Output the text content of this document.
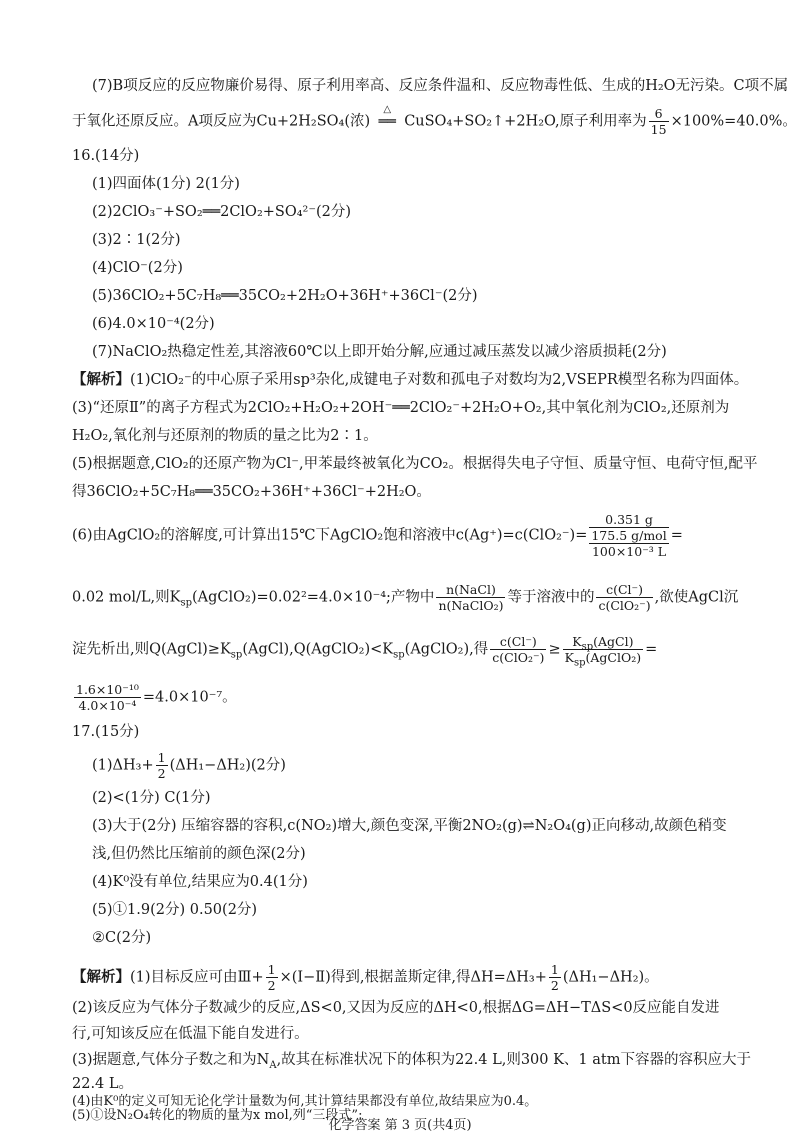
(7)B项反应的反应物廉价易得、原子利用率高、反应条件温和、反应物毒性低、生成的H₂O无污染。C项不属
于氧化还原反应。A项反应为Cu+2H₂SO₄(浓)
△
══ CuSO₄+SO₂↑+2H₂O,原子利用率为 $\frac{6}{15} \times 100\%=40.0\%$。
16.(14分)
(1)四面体(1分) 2(1分)
(2)2ClO₃⁻+SO₂══2ClO₂+SO₄²⁻(2分)
(3)2∶1(2分)
(4)ClO⁻(2分)
(5)36ClO₂+5C₇H₈══35CO₂+2H₂O+36H⁺+36Cl⁻(2分)
(6)4.0×10⁻⁴(2分)
(7)NaClO₂热稳定性差,其溶液60℃以上即开始分解,应通过减压蒸发以减少溶质损耗(2分)
【解析】(1)ClO₂⁻的中心原子采用sp³杂化,成键电子对数和孤电子对数均为2,VSEPR模型名称为四面体。
(3)“还原Ⅱ”的离子方程式为2ClO₂+H₂O₂+2OH⁻══2ClO₂⁻+2H₂O+O₂,其中氧化剂为ClO₂,还原剂为
H₂O₂,氧化剂与还原剂的物质的量之比为2∶1。
(5)根据题意,ClO₂的还原产物为Cl⁻,甲苯最终被氧化为CO₂。根据得失电子守恒、质量守恒、电荷守恒,配平
得36ClO₂+5C₇H₈══35CO₂+36H⁺+36Cl⁻+2H₂O。
(6)由AgClO₂的溶解度,可计算出15℃下AgClO₂饱和溶液中c(Ag⁺)=c(ClO₂⁻)=
0.351 g
175.5 g/mol
100×10⁻³ L
=
0.02 mol/L,则$K_{sp}(AgClO_2)=0.02^2=4.0\times 10^{-4}$;产物中 $\frac{\text{n(NaCl)}}{\text{n(NaClO₂)}}$ 等于溶液中的 $\frac{c(Cl^-)}{\text{c(ClO₂⁻)}}$ ,欲使AgCl沉
淀先析出,则$Q(AgCl)\ge K_{sp}(AgCl),Q(AgClO_2)<K_{sp}(AgClO_2)$,得 $\frac{c(Cl^-)}{\text{c(ClO₂⁻)}} \ge \frac{K_{sp}(AgCl)}{K_{sp}(AgClO_2)}$ =
$\frac{\text{1.6×10⁻¹⁰}}{\text{4.0×10⁻⁴}} =4.0\times 10^{-7}$。
17.(15分)
$(1)\Delta H_3+ \frac{1}{2} (\Delta H_1-\Delta H_2)(2$分)
(2)<(1分) C(1分)
(3)大于(2分) 压缩容器的容积,c(NO₂)增大,颜色变深,平衡2NO₂(g)⇌N₂O₄(g)正向移动,故颜色稍变
浅,但仍然比压缩前的颜色深(2分)
(4)K⁰没有单位,结果应为0.4(1分)
(5)①1.9(2分) 0.50(2分)
②C(2分)
【解析】(1)目标反应可由Ⅲ+ $\frac{1}{2}$ ×(Ⅰ−Ⅱ)得到,根据盖斯定律,得$\Delta H=\Delta H_3+ \frac{1}{2} (\Delta H_1-\Delta H_2)$。
(2)该反应为气体分子数减少的反应,ΔS<0,又因为反应的ΔH<0,根据ΔG=ΔH−TΔS<0反应能自发进
行,可知该反应在低温下能自发进行。
(3)据题意,气体分子数之和为$N_A$,故其在标准状况下的体积为22.4 L,则300 K、1 atm下容器的容积应大于
22.4 L。
(4)由K⁰的定义可知无论化学计量数为何,其计算结果都没有单位,故结果应为0.4。
(5)①设N₂O₄转化的物质的量为x mol,列“三段式”:
化学答案 第 3 页(共4页)
